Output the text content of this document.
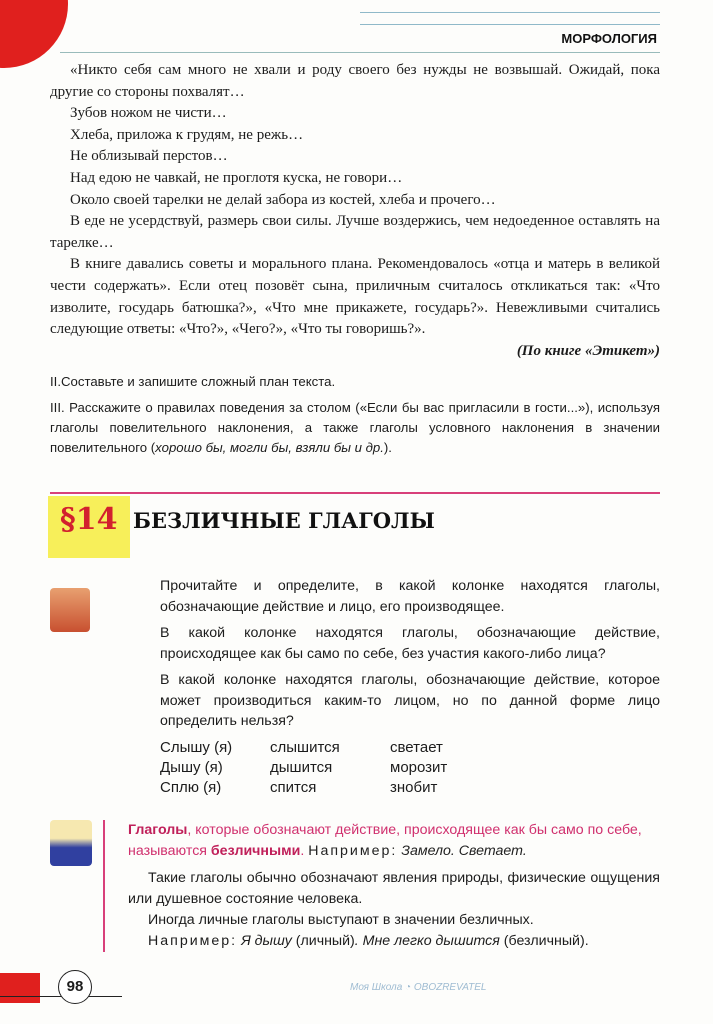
МОРФОЛОГИЯ

«Никто себя сам много не хвали и роду своего без нужды не возвышай. Ожидай, пока другие со стороны похвалят…

Зубов ножом не чисти…

Хлеба, приложа к грудям, не режь…

Не облизывай перстов…

Над едою не чавкай, не проглотя куска, не говори…

Около своей тарелки не делай забора из костей, хлеба и прочего…

В еде не усердствуй, размерь свои силы. Лучше воздержись, чем недоеденное оставлять на тарелке…

В книге давались советы и морального плана. Рекомендовалось «отца и матерь в великой чести содержать». Если отец позовёт сына, приличным считалось откликаться так: «Что изволите, государь батюшка?», «Что мне прикажете, государь?». Невежливыми считались следующие ответы: «Что?», «Чего?», «Что ты говоришь?».

(По книге «Этикет»)

II.Составьте и запишите сложный план текста.

III. Расскажите о правилах поведения за столом («Если бы вас пригласили в гости...»), используя глаголы повелительного наклонения, а также глаголы условного наклонения в значении повелительного (хорошо бы, могли бы, взяли бы и др.).

§14 БЕЗЛИЧНЫЕ ГЛАГОЛЫ

Прочитайте и определите, в какой колонке находятся глаголы, обозначающие действие и лицо, его производящее.

В какой колонке находятся глаголы, обозначающие действие, происходящее как бы само по себе, без участия какого-либо лица?

В какой колонке находятся глаголы, обозначающие действие, которое может производиться каким-то лицом, но по данной форме лицо определить нельзя?

Слышу (я)	слышится	светает
Дышу (я)	дышится	морозит
Сплю (я)	спится	знобит
Глаголы, которые обозначают действие, происходящее как бы само по себе, называются безличными. Например: Замело. Светает.

Такие глаголы обычно обозначают явления природы, физические ощущения или душевное состояние человека.

Иногда личные глаголы выступают в значении безличных.

Например: Я дышу (личный). Мне легко дышится (безличный).

98	Моя Школа ◔ OBOZREVATEL
